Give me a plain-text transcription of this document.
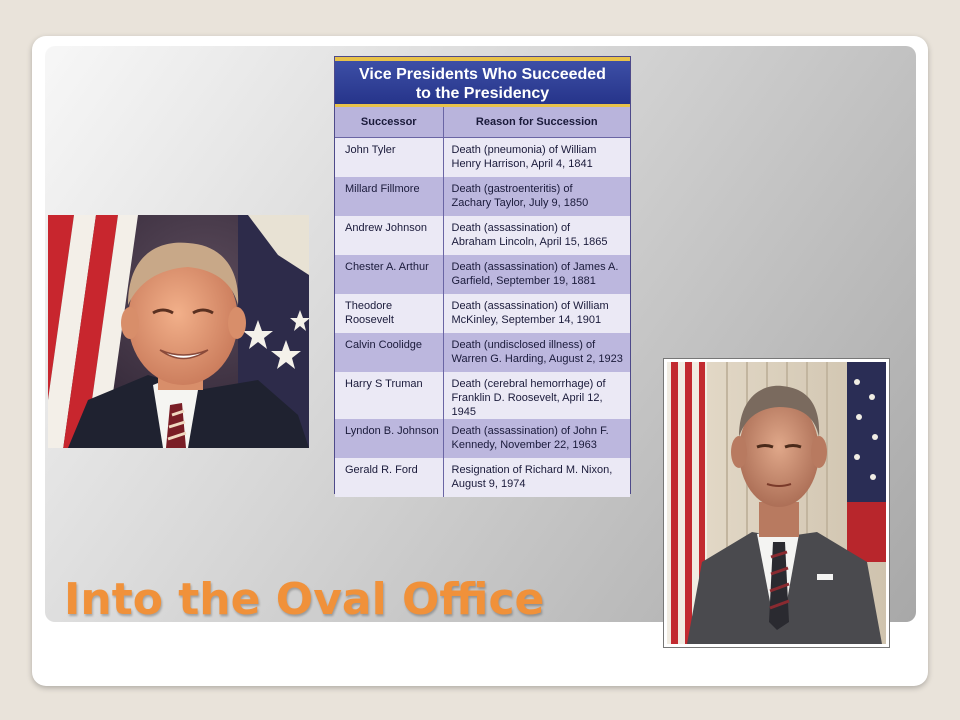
Vice Presidents Who Succeeded
to the Presidency
Successor	Reason for Succession
John Tyler	Death (pneumonia) of William
Henry Harrison, April 4, 1841
Millard Fillmore	Death (gastroenteritis) of
Zachary Taylor, July 9, 1850
Andrew Johnson	Death (assassination) of
Abraham Lincoln, April 15, 1865
Chester A. Arthur	Death (assassination) of James A.
Garfield, September 19, 1881
Theodore Roosevelt	Death (assassination) of William
McKinley, September 14, 1901
Calvin Coolidge	Death (undisclosed illness) of
Warren G. Harding, August 2, 1923
Harry S Truman	Death (cerebral hemorrhage) of
Franklin D. Roosevelt, April 12, 1945
Lyndon B. Johnson	Death (assassination) of John F.
Kennedy, November 22, 1963
Gerald R. Ford	Resignation of Richard M. Nixon,
August 9, 1974
Into the Oval Office
